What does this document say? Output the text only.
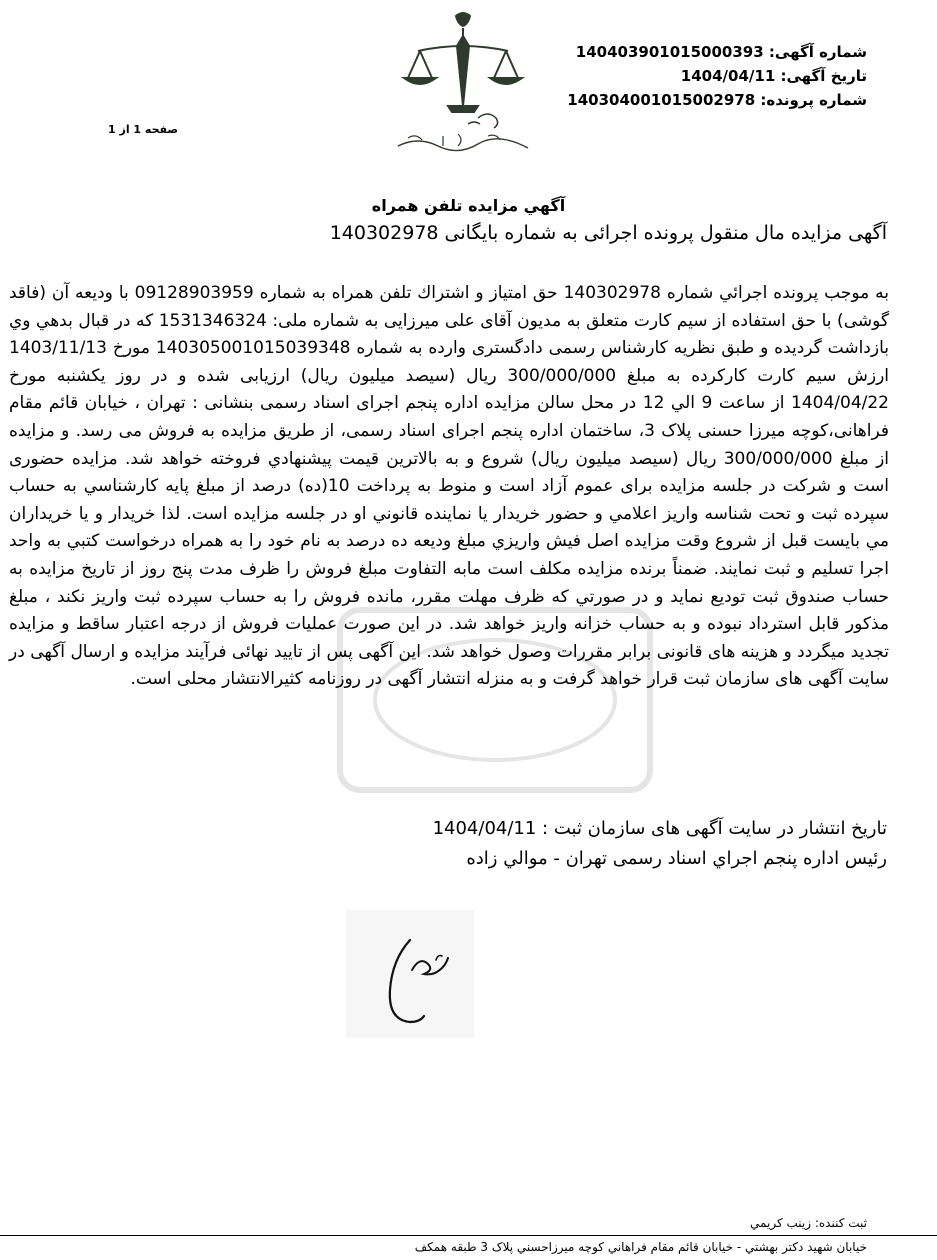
شماره آگهی: 140403901015000393
تاریخ آگهی: 1404/04/11
شماره پرونده: 140304001015002978
صفحه 1 از 1
آگهي مزايده تلفن همراه
آگهی مزایده مال منقول پرونده اجرائی به شماره بایگانی 140302978
به موجب پرونده اجرائي شماره 140302978 حق امتیاز و اشتراك تلفن همراه به شماره 09128903959 با وديعه آن (فاقد گوشی) با حق استفاده از سیم کارت متعلق به مدیون آقای علی میرزایی به شماره ملی: 1531346324 که در قبال بدهي وي بازداشت گرديده و طبق نظريه کارشناس رسمی دادگستری وارده به شماره 140305001015039348 مورخ 1403/11/13 ارزش سیم کارت کارکرده به مبلغ 300/000/000 ریال (سیصد میلیون ریال) ارزیابی شده و در روز يکشنبه مورخ 1404/04/22 از ساعت 9 الي 12 در محل سالن مزایده اداره پنجم اجرای اسناد رسمی بنشانی : تهران ، خیابان قائم مقام فراهانی،کوچه میرزا حسنی پلاک 3، ساختمان اداره پنجم اجرای اسناد رسمی، از طريق مزايده به فروش می رسد. و مزایده از مبلغ 300/000/000 ریال (سیصد میلیون ریال) شروع و به بالاترين قيمت پيشنهادي فروخته خواهد شد. مزایده حضوری است و شرکت در جلسه مزايده برای عموم آزاد است و منوط به پرداخت 10(ده) درصد از مبلغ پايه کارشناسي به حساب سپرده ثبت و تحت شناسه واريز اعلامي و حضور خريدار يا نماينده قانوني او در جلسه مزايده است. لذا خريدار و يا خريداران مي بايست قبل از شروع وقت مزايده اصل فيش واريزي مبلغ وديعه ده درصد به نام خود را به همراه درخواست کتبي به واحد اجرا تسليم و ثبت نمايند. ضمناً برنده مزایده مكلف است مابه التفاوت مبلغ فروش را ظرف مدت پنج روز از تاريخ مزايده به حساب صندوق ثبت توديع نمايد و در صورتي كه ظرف مهلت مقرر، مانده فروش را به حساب سپرده ثبت واريز نكند ، مبلغ مذكور قابل استرداد نبوده و به حساب خزانه واريز خواهد شد. در این صورت عملیات فروش از درجه اعتبار ساقط و مزايده تجديد ميگردد و هزينه هاى قانونى برابر مقررات وصول خواهد شد. این آگهی پس از تایید نهائی فرآیند مزایده و ارسال آگهی در سایت آگهی های سازمان ثبت قرار خواهد گرفت و به منزله انتشار آگهی در روزنامه کثیرالانتشار محلی است.
تاریخ انتشار در سایت آگهی های سازمان ثبت : 1404/04/11
رئیس اداره پنجم اجراي اسناد رسمی تهران - موالي زاده
ثبت کننده: زينب کريمي
خيابان شهيد دکتر بهشتي - خيابان قائم مقام فراهاني کوچه ميرزاحسني پلاک 3 طبقه همکف
